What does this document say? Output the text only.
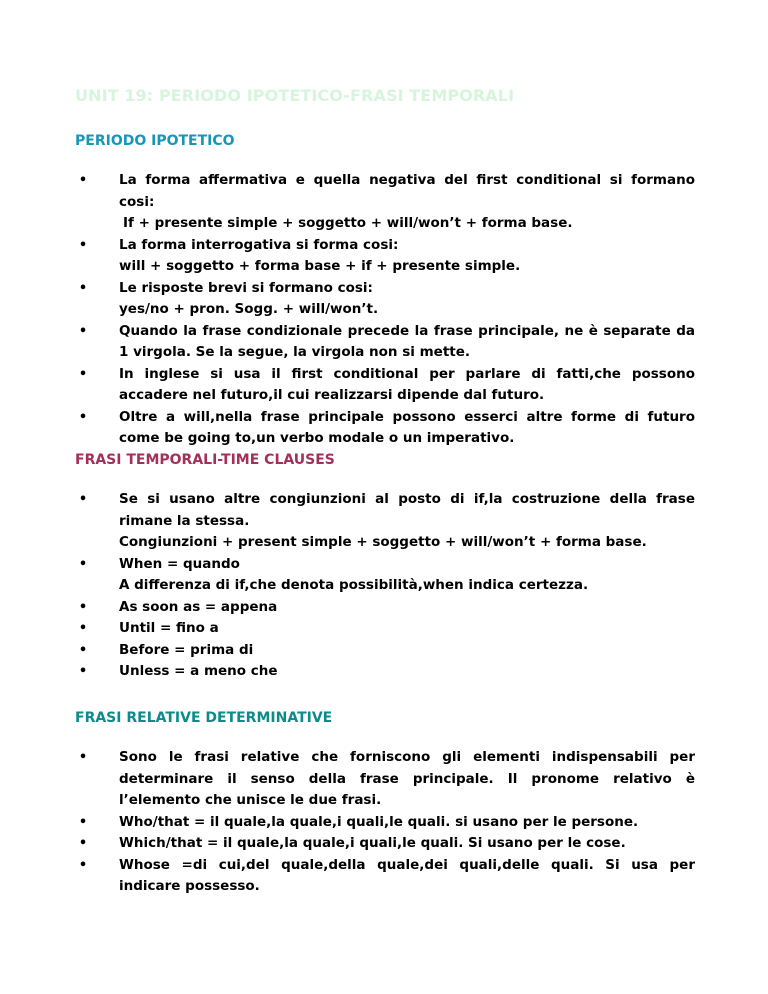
UNIT 19: PERIODO IPOTETICO-FRASI TEMPORALI
PERIODO IPOTETICO
• La forma affermativa e quella negativa del first conditional si formano cosi:
If + presente simple + soggetto + will/won’t + forma base.
• La forma interrogativa si forma cosi:
will + soggetto + forma base + if + presente simple.
• Le risposte brevi si formano cosi:
yes/no + pron. Sogg. + will/won’t.
• Quando la frase condizionale precede la frase principale, ne è separate da 1 virgola. Se la segue, la virgola non si mette.
• In inglese si usa il first conditional per parlare di fatti,che possono accadere nel futuro,il cui realizzarsi dipende dal futuro.
• Oltre a will,nella frase principale possono esserci altre forme di futuro come be going to,un verbo modale o un imperativo.
FRASI TEMPORALI-TIME CLAUSES
• Se si usano altre congiunzioni al posto di if,la costruzione della frase rimane la stessa.
Congiunzioni + present simple + soggetto + will/won’t + forma base.
• When = quando
A differenza di if,che denota possibilità,when indica certezza.
• As soon as = appena
• Until = fino a
• Before = prima di
• Unless = a meno che
FRASI RELATIVE DETERMINATIVE
• Sono le frasi relative che forniscono gli elementi indispensabili per determinare il senso della frase principale. Il pronome relativo è l’elemento che unisce le due frasi.
• Who/that = il quale,la quale,i quali,le quali. si usano per le persone.
• Which/that = il quale,la quale,i quali,le quali. Si usano per le cose.
• Whose =di cui,del quale,della quale,dei quali,delle quali. Si usa per indicare possesso.
